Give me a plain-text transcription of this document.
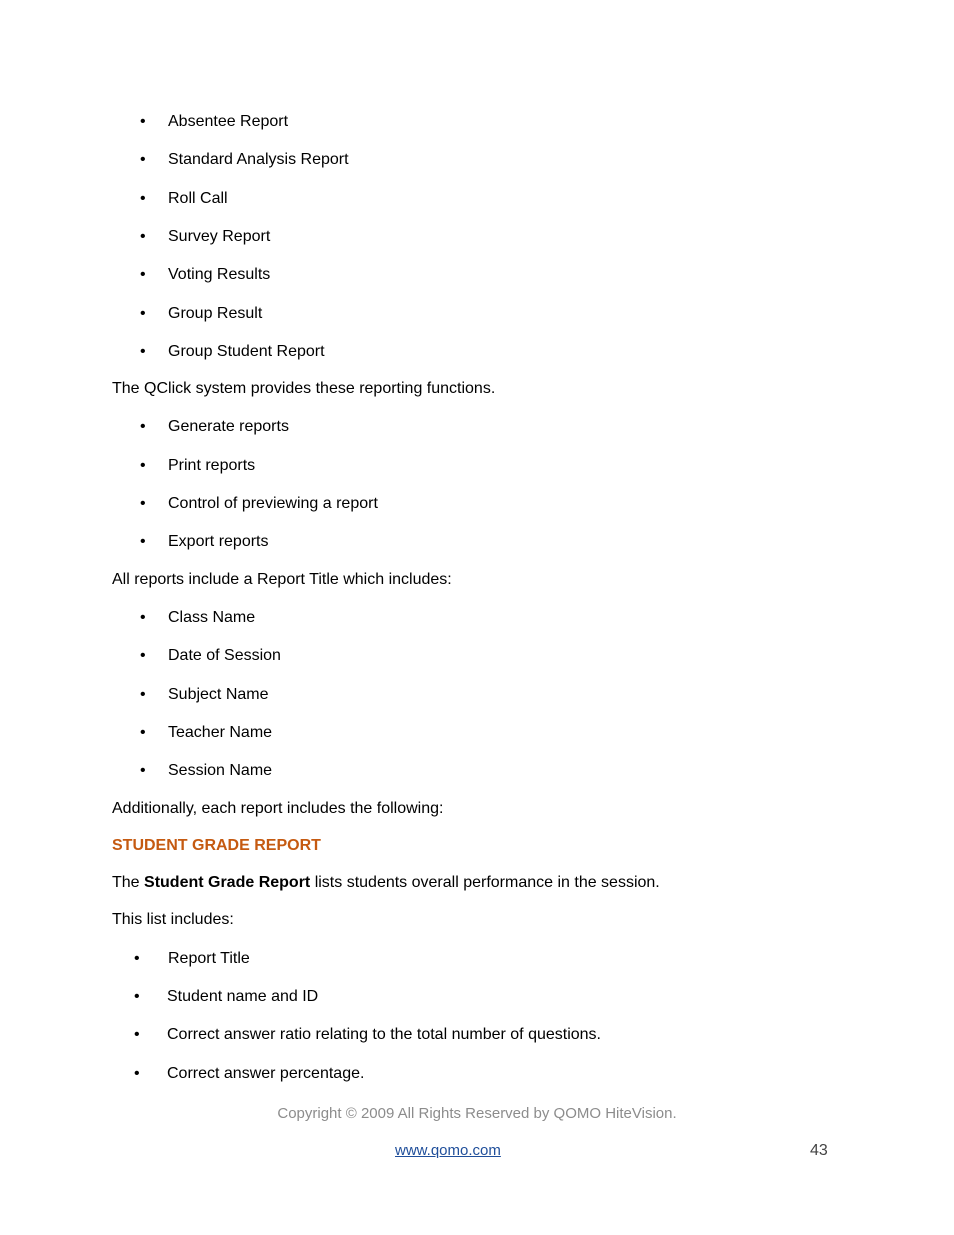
• Absentee Report
• Standard Analysis Report
• Roll Call
• Survey Report
• Voting Results
• Group Result
• Group Student Report
The QClick system provides these reporting functions.
• Generate reports
• Print reports
• Control of previewing a report
• Export reports
All reports include a Report Title which includes:
• Class Name
• Date of Session
• Subject Name
• Teacher Name
• Session Name
Additionally, each report includes the following:
STUDENT GRADE REPORT
The Student Grade Report lists students overall performance in the session.
This list includes:
• Report Title
• Student name and ID
• Correct answer ratio relating to the total number of questions.
• Correct answer percentage.
Copyright © 2009 All Rights Reserved by QOMO HiteVision.
www.qomo.com	43
